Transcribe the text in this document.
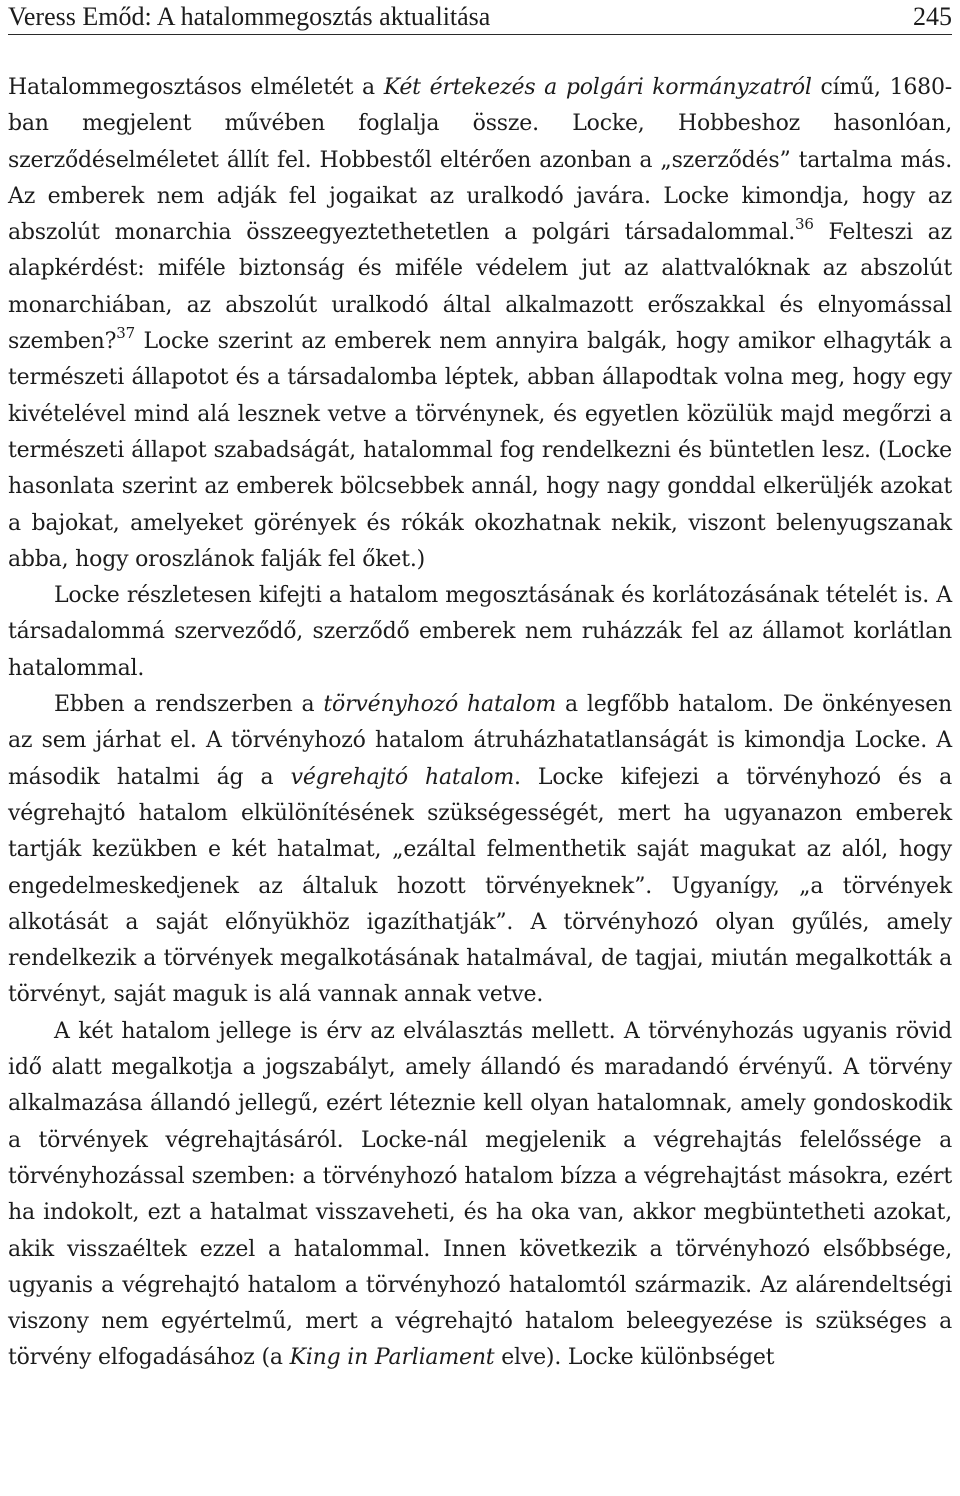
Veress Emőd: A hatalommegosztás aktualitása	245

Hatalommegosztásos elméletét a Két értekezés a polgári kormányzatról című, 1680-ban megjelent művében foglalja össze. Locke, Hobbeshoz hasonlóan, szerződéselméletet állít fel. Hobbestől eltérően azonban a „szerződés” tartalma más. Az emberek nem adják fel jogaikat az uralkodó javára. Locke kimondja, hogy az abszolút monarchia összeegyeztethetetlen a polgári társadalommal.$^{36}$ Felteszi az alapkérdést: miféle biztonság és miféle védelem jut az alattvalóknak az abszolút monarchiában, az abszolút uralkodó által alkalmazott erőszakkal és elnyomással szemben?$^{37}$ Locke szerint az emberek nem annyira balgák, hogy amikor elhagyták a természeti állapotot és a társadalomba léptek, abban állapodtak volna meg, hogy egy kivételével mind alá lesznek vetve a törvénynek, és egyetlen közülük majd megőrzi a természeti állapot szabadságát, hatalommal fog rendelkezni és büntetlen lesz. (Locke hasonlata szerint az emberek bölcsebbek annál, hogy nagy gonddal elkerüljék azokat a bajokat, amelyeket görények és rókák okozhatnak nekik, viszont belenyugszanak abba, hogy oroszlánok falják fel őket.)

Locke részletesen kifejti a hatalom megosztásának és korlátozásának tételét is. A társadalommá szerveződő, szerződő emberek nem ruházzák fel az államot korlátlan hatalommal.

Ebben a rendszerben a törvényhozó hatalom a legfőbb hatalom. De önkényesen az sem járhat el. A törvényhozó hatalom átruházhatatlanságát is kimondja Locke. A második hatalmi ág a végrehajtó hatalom. Locke kifejezi a törvényhozó és a végrehajtó hatalom elkülönítésének szükségességét, mert ha ugyanazon emberek tartják kezükben e két hatalmat, „ezáltal felmenthetik saját magukat az alól, hogy engedelmeskedjenek az általuk hozott törvényeknek”. Ugyanígy, „a törvények alkotását a saját előnyükhöz igazíthatják”. A törvényhozó olyan gyűlés, amely rendelkezik a törvények megalkotásának hatalmával, de tagjai, miután megalkották a törvényt, saját maguk is alá vannak annak vetve.

A két hatalom jellege is érv az elválasztás mellett. A törvényhozás ugyanis rövid idő alatt megalkotja a jogszabályt, amely állandó és maradandó érvényű. A törvény alkalmazása állandó jellegű, ezért léteznie kell olyan hatalomnak, amely gondoskodik a törvények végrehajtásáról. Locke-nál megjelenik a végrehajtás felelőssége a törvényhozással szemben: a törvényhozó hatalom bízza a végrehajtást másokra, ezért ha indokolt, ezt a hatalmat visszaveheti, és ha oka van, akkor megbüntetheti azokat, akik visszaéltek ezzel a hatalommal. Innen következik a törvényhozó elsőbbsége, ugyanis a végrehajtó hatalom a törvényhozó hatalomtól származik. Az alárendeltségi viszony nem egyértelmű, mert a végrehajtó hatalom beleegyezése is szükséges a törvény elfogadásához (a King in Parliament elve). Locke különbséget
